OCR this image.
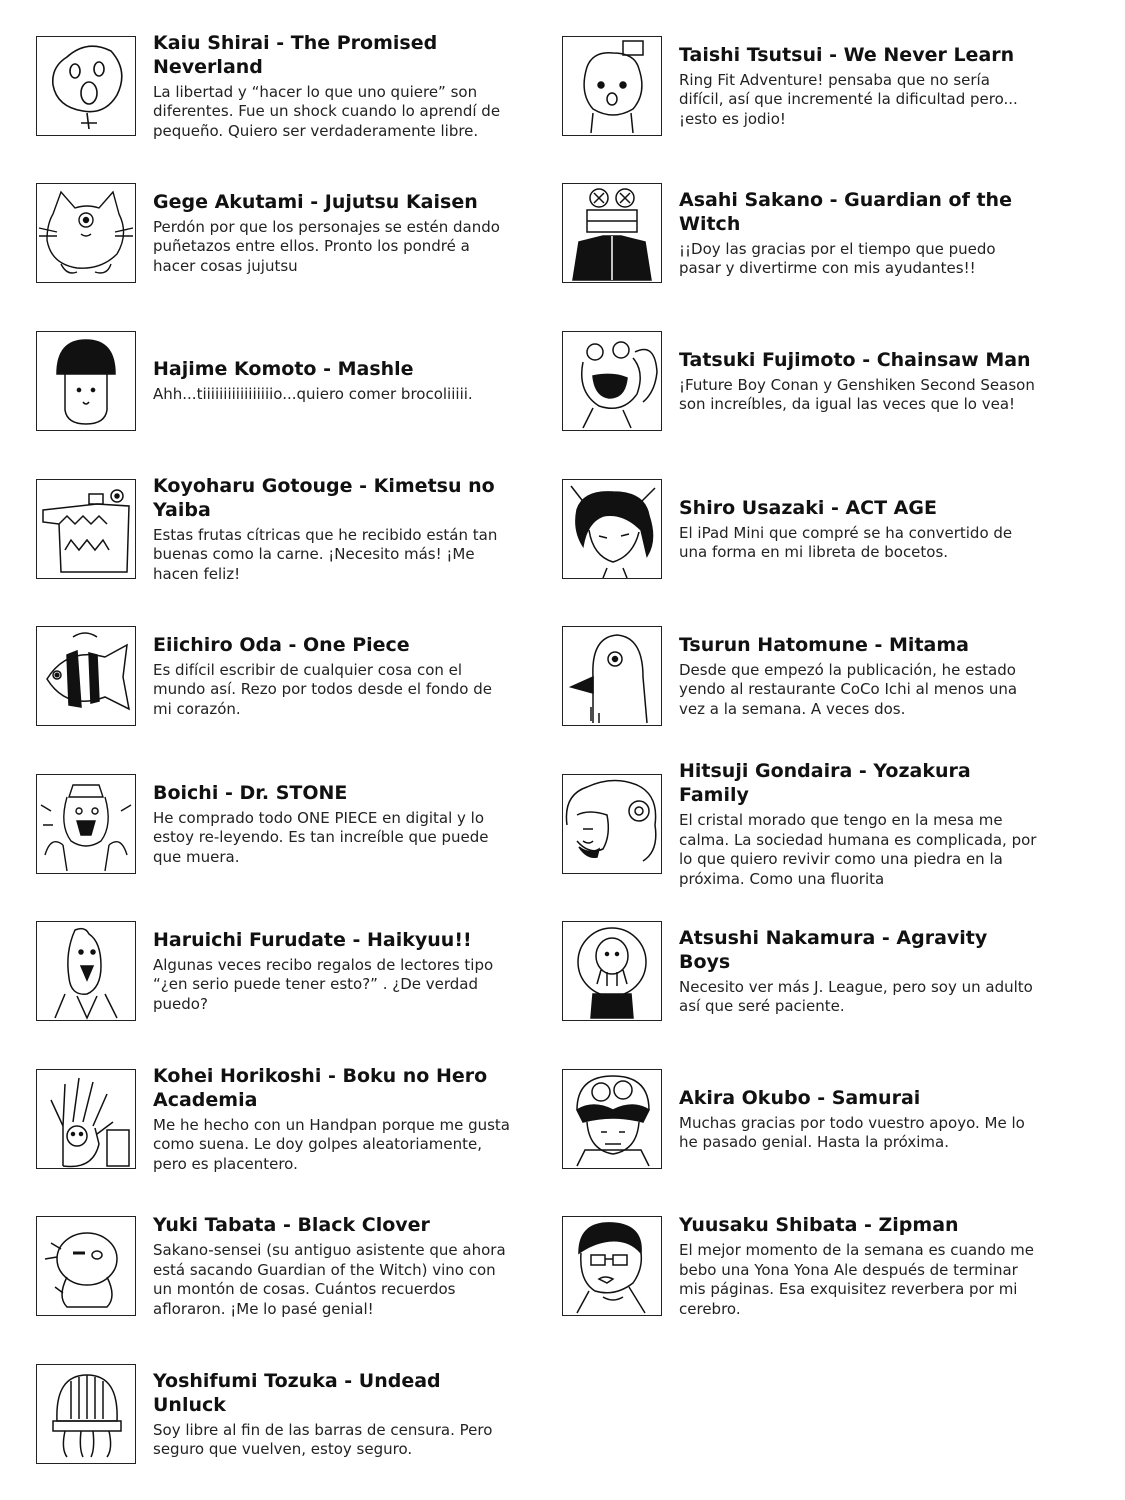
Kaiu Shirai - The Promised Neverland
La libertad y “hacer lo que uno quiere” son diferentes. Fue un shock cuando lo aprendí de pequeño. Quiero ser verdaderamente libre.
Gege Akutami - Jujutsu Kaisen
Perdón por que los personajes se estén dando puñetazos entre ellos. Pronto los pondré a hacer cosas jujutsu
Hajime Komoto - Mashle
Ahh...tiiiiiiiiiiiiiiiiio...quiero comer brocoliiiii.
Koyoharu Gotouge - Kimetsu no Yaiba
Estas frutas cítricas que he recibido están tan buenas como la carne. ¡Necesito más! ¡Me hacen feliz!
Eiichiro Oda - One Piece
Es difícil escribir de cualquier cosa con el mundo así. Rezo por todos desde el fondo de mi corazón.
Boichi - Dr. STONE
He comprado todo ONE PIECE en digital y lo estoy re-leyendo. Es tan increíble que puede que muera.
Haruichi Furudate - Haikyuu!!
Algunas veces recibo regalos de lectores tipo “¿en serio puede tener esto?” . ¿De verdad puedo?
Kohei Horikoshi - Boku no Hero Academia
Me he hecho con un Handpan porque me gusta como suena. Le doy golpes aleatoriamente, pero es placentero.
Yuki Tabata - Black Clover
Sakano-sensei (su antiguo asistente que ahora está sacando Guardian of the Witch) vino con un montón de cosas. Cuántos recuerdos afloraron. ¡Me lo pasé genial!
Yoshifumi Tozuka - Undead Unluck
Soy libre al fin de las barras de censura. Pero seguro que vuelven, estoy seguro.
Taishi Tsutsui - We Never Learn
Ring Fit Adventure! pensaba que no sería difícil, así que incrementé la dificultad pero...¡esto es jodio!
Asahi Sakano - Guardian of the Witch
¡¡Doy las gracias por el tiempo que puedo pasar y divertirme con mis ayudantes!!
Tatsuki Fujimoto - Chainsaw Man
¡Future Boy Conan y Genshiken Second Season son increíbles, da igual las veces que lo vea!
Shiro Usazaki - ACT AGE
El iPad Mini que compré se ha convertido de una forma en mi libreta de bocetos.
Tsurun Hatomune - Mitama
Desde que empezó la publicación, he estado yendo al restaurante CoCo Ichi al menos una vez a la semana. A veces dos.
Hitsuji Gondaira - Yozakura Family
El cristal morado que tengo en la mesa me calma. La sociedad humana es complicada, por lo que quiero revivir como una piedra en la próxima. Como una fluorita
Atsushi Nakamura - Agravity Boys
Necesito ver más J. League, pero soy un adulto así que seré paciente.
Akira Okubo - Samurai
Muchas gracias por todo vuestro apoyo. Me lo he pasado genial. Hasta la próxima.
Yuusaku Shibata - Zipman
El mejor momento de la semana es cuando me bebo una Yona Yona Ale después de terminar mis páginas. Esa exquisitez reverbera por mi cerebro.
